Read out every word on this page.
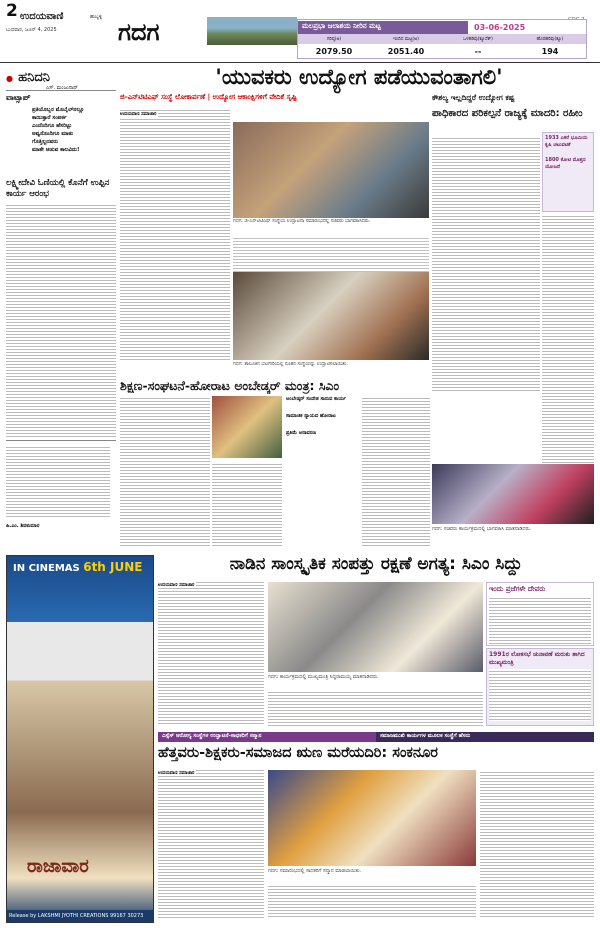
2 ಉದಯವಾಣಿ	ಹುಬ್ಬಳ್ಳಿ
ಬುಧವಾರ, ಜೂನ್ 4, 2025	ಗದಗ	ಮಲಪ್ರಭಾ ಜಲಾಶಯ ನೀರಿನ ಮಟ್ಟ	03-06-2025
ಗರಿಷ್ಠ(ಅ)	ಇಂದಿನ ಮಟ್ಟ(ಅ)	ಒಳಹರಿವು(ಕ್ಯೂಸೆಕ್)	ಹೊರಹರಿವು(ಕ್ಯೂ)
2079.50	2051.40	--	194
● ಹನಿದನಿ
ಎಸ್. ಮಂಜುನಾಥ್
ವಾಟ್ಸಾಪ್
ಪ್ರತಿಯೊಬ್ಬರ ಮೊಬೈಲ್‌ನಲ್ಲೂ
ಕಾಣುತ್ತಾರೆ ಸಂಪರ್ಕ
ಎಂದೆಂದಿಗೂ ಹೆಸರಿಟ್ಟು
ಅವ್ವನೊಂದಿಗೂ ಮಾತು
ಗೊತ್ತಿಲ್ಲದವರು
ಮಾತೇ ಆಡುವ ಕಾಲವಿದು!
ಲಕ್ಷ್ಮೀದೇವಿ ಓಣಿಯಲ್ಲಿ ಕೊನೆಗೆ ಉಪ್ಪಿನ ಕಾರ್ಯ ಆರಂಭ
ಹಿ.ಎಂ. ಶಿವಕುಮಾರ
'ಯುವಕರು ಉದ್ಯೋಗ ಪಡೆಯುವಂತಾಗಲಿ'
ಜಿ-ಎನ್‌ಟಿಟಿಎಫ್ ಸಂಸ್ಥೆ ಲೋಕಾರ್ಪಣೆ | ಉದ್ಯೋಗ ಆಕಾಂಕ್ಷಿಗಳಿಗೆ ವೇದಿಕೆ ಸೃಷ್ಟಿ	ಕೌಶಲ್ಯ ಇಲ್ಲದಿದ್ದರೆ ಉದ್ಯೋಗ ಕಷ್ಟ
ಪಾಧಿಕಾರದ ಪರಿಕಲ್ಪನೆ ರಾಜ್ಯಕ್ಕೆ ಮಾದರಿ: ರಹೀಂ
ಗದಗ: ಜಿ-ಎನ್‌ಟಿಟಿಎಫ್ ಸಂಸ್ಥೆಯ ಉದ್ಘಾಟನಾ ಸಮಾರಂಭದಲ್ಲಿ ಸಚಿವರು ಭಾಗವಹಿಸಿದರು.
ಗದಗ: ತಾಲೂಕಿನ ಬೆಟಗೇರಿಯಲ್ಲಿ ನೂತನ ಸಂಸ್ಥೆಯನ್ನು ಉದ್ಘಾಟಿಸಲಾಯಿತು.
1933 ಎಕರೆ ಭೂಮಿಯ ಕೃಷಿ ಚಟುವಟಿಕೆ
1800 ಕೋಟಿ ಮೊತ್ತದ ಯೋಜನೆ
ಗದಗ: ಸಚಿವರು ಕಾರ್ಯಕ್ರಮದಲ್ಲಿ ಭಾಗವಹಿಸಿ ಮಾತನಾಡಿದರು.
ಶಿಕ್ಷಣ-ಸಂಘಟನೆ-ಹೋರಾಟ ಅಂಬೇಡ್ಕರ್ ಮಂತ್ರ: ಸಿಎಂ
ಅಂಬೇಡ್ಕರ್ ಸಂದೇಶ ಸಾರುವ ಕಾರ್ಯ
ಸಾಮಾಜಿಕ ನ್ಯಾಯದ ಹೋರಾಟ
ಪ್ರತಿಮೆ ಅನಾವರಣ
IN CINEMAS 6th JUNE
ರಾಜಾವಾರ
Release by LAKSHMI JYOTHI CREATIONS 99167 30273
ನಾಡಿನ ಸಾಂಸ್ಕೃತಿಕ ಸಂಪತ್ತು ರಕ್ಷಣೆ ಅಗತ್ಯ: ಸಿಎಂ ಸಿದ್ದು
ಗದಗ: ಕಾರ್ಯಕ್ರಮದಲ್ಲಿ ಮುಖ್ಯಮಂತ್ರಿ ಸಿದ್ದರಾಮಯ್ಯ ಮಾತನಾಡಿದರು.
ಇಂದು ಪ್ರಜೆಗಳೇ ದೇವರು
1991ರ ಲೋಕಸಭೆ ಚುನಾವಣೆ ಮರುಕು ತಾಗಿದ ಮುಖ್ಯಮಂತ್ರಿ
ಎಸ್ಸೆಸ್ ಆರೋಗ್ಯ ಸಂಸ್ಥೆಗಳ ಉದ್ಘಾಟನೆ-ಸಾಧಕರಿಗೆ ಸನ್ಮಾನ	ಸಮಾಜಮುಖಿ ಕಾರ್ಯಗಳ ಮೂಲಕ ಸಂಸ್ಥೆಗೆ ಹೆಸರು
ಹೆತ್ತವರು-ಶಿಕ್ಷಕರು-ಸಮಾಜದ ಋಣ ಮರೆಯದಿರಿ: ಸಂಕನೂರ
ಗದಗ: ಸಮಾರಂಭದಲ್ಲಿ ಸಾಧಕರಿಗೆ ಸನ್ಮಾನ ಮಾಡಲಾಯಿತು.
ಉದಯವಾಣಿ ಸಮಾಚಾರ
ಉದಯವಾಣಿ ಸಮಾಚಾರ
ಉದಯವಾಣಿ ಸಮಾಚಾರ
